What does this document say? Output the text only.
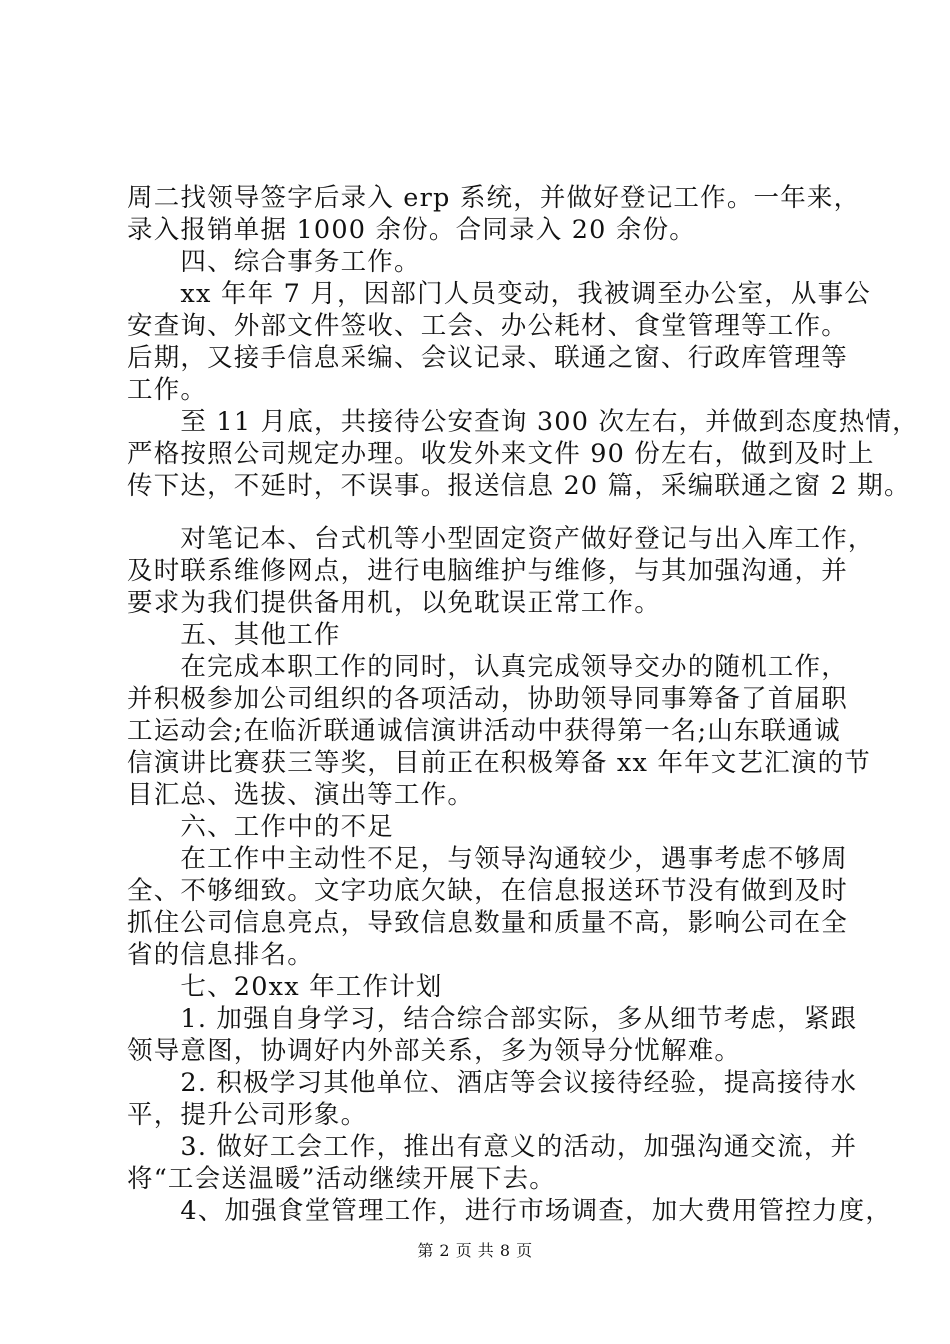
周二找领导签字后录入 erp 系统，并做好登记工作。一年来，
录入报销单据 1000 余份。合同录入 20 余份。
　　四、综合事务工作。
　　xx 年年 7 月，因部门人员变动，我被调至办公室，从事公
安查询、外部文件签收、工会、办公耗材、食堂管理等工作。
后期，又接手信息采编、会议记录、联通之窗、行政库管理等
工作。
　　至 11 月底，共接待公安查询 300 次左右，并做到态度热情，
严格按照公司规定办理。收发外来文件 90 份左右，做到及时上
传下达，不延时，不误事。报送信息 20 篇，采编联通之窗 2 期。
　　对笔记本、台式机等小型固定资产做好登记与出入库工作，
及时联系维修网点，进行电脑维护与维修，与其加强沟通，并
要求为我们提供备用机，以免耽误正常工作。
　　五、其他工作
　　在完成本职工作的同时，认真完成领导交办的随机工作，
并积极参加公司组织的各项活动，协助领导同事筹备了首届职
工运动会;在临沂联通诚信演讲活动中获得第一名;山东联通诚
信演讲比赛获三等奖，目前正在积极筹备 xx 年年文艺汇演的节
目汇总、选拔、演出等工作。
　　六、工作中的不足
　　在工作中主动性不足，与领导沟通较少，遇事考虑不够周
全、不够细致。文字功底欠缺，在信息报送环节没有做到及时
抓住公司信息亮点，导致信息数量和质量不高，影响公司在全
省的信息排名。
　　七、20xx 年工作计划
　　1. 加强自身学习，结合综合部实际，多从细节考虑，紧跟
领导意图，协调好内外部关系，多为领导分忧解难。
　　2. 积极学习其他单位、酒店等会议接待经验，提高接待水
平，提升公司形象。
　　3. 做好工会工作，推出有意义的活动，加强沟通交流，并
将“工会送温暖”活动继续开展下去。
　　4、加强食堂管理工作，进行市场调查，加大费用管控力度，
第 2 页 共 8 页
